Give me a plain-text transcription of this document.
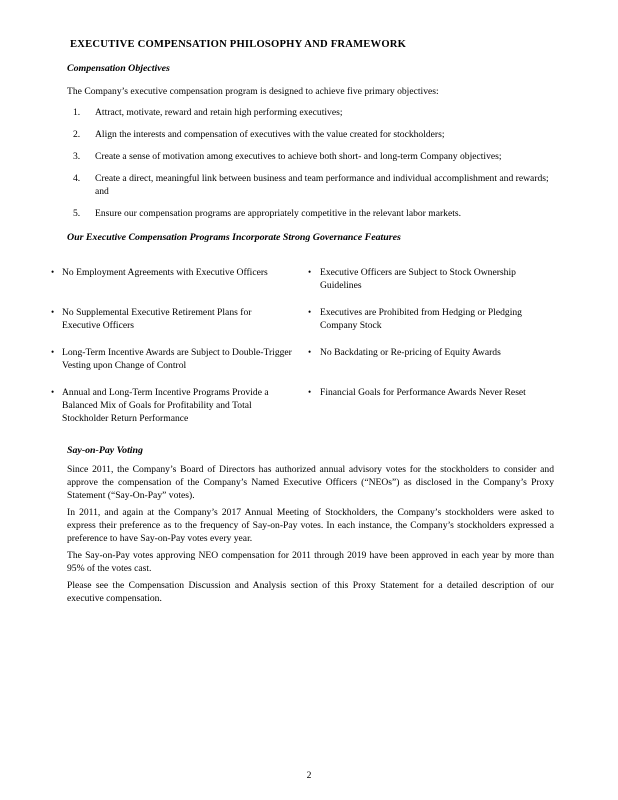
EXECUTIVE COMPENSATION PHILOSOPHY AND FRAMEWORK
Compensation Objectives
The Company’s executive compensation program is designed to achieve five primary objectives:
1.	Attract, motivate, reward and retain high performing executives;
2.	Align the interests and compensation of executives with the value created for stockholders;
3.	Create a sense of motivation among executives to achieve both short- and long-term Company objectives;
4.	Create a direct, meaningful link between business and team performance and individual accomplishment and rewards; and
5.	Ensure our compensation programs are appropriately competitive in the relevant labor markets.
Our Executive Compensation Programs Incorporate Strong Governance Features
• No Employment Agreements with Executive Officers	• Executive Officers are Subject to Stock Ownership Guidelines
• No Supplemental Executive Retirement Plans for Executive Officers
• Executives are Prohibited from Hedging or Pledging Company Stock
• Long-Term Incentive Awards are Subject to Double-Trigger Vesting upon Change of Control
• No Backdating or Re-pricing of Equity Awards
• Annual and Long-Term Incentive Programs Provide a Balanced Mix of Goals for Profitability and Total Stockholder Return Performance
• Financial Goals for Performance Awards Never Reset
Say-on-Pay Voting
Since 2011, the Company’s Board of Directors has authorized annual advisory votes for the stockholders to consider and approve the compensation of the Company’s Named Executive Officers (“NEOs”) as disclosed in the Company’s Proxy Statement (“Say-On-Pay” votes).
In 2011, and again at the Company’s 2017 Annual Meeting of Stockholders, the Company’s stockholders were asked to express their preference as to the frequency of Say-on-Pay votes. In each instance, the Company’s stockholders expressed a preference to have Say-on-Pay votes every year.
The Say-on-Pay votes approving NEO compensation for 2011 through 2019 have been approved in each year by more than 95% of the votes cast.
Please see the Compensation Discussion and Analysis section of this Proxy Statement for a detailed description of our executive compensation.
2
